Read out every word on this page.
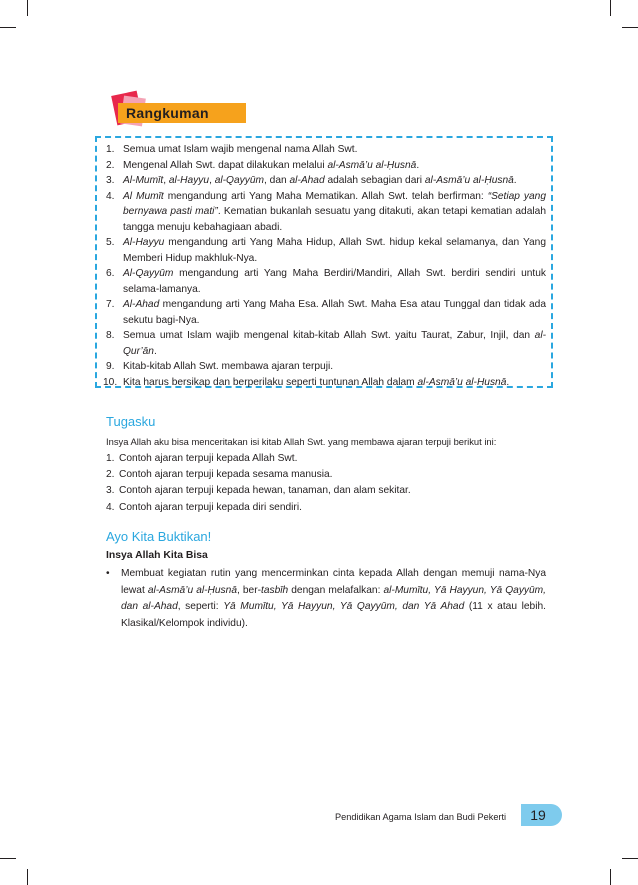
Rangkuman
1. Semua umat Islam wajib mengenal nama Allah Swt.
2. Mengenal Allah Swt. dapat dilakukan melalui al-Asmā’u al-Ḥusnā.
3. Al-Mumīt, al-Hayyu, al-Qayyūm, dan al-Ahad adalah sebagian dari al-Asmā’u al-Ḥusnā.
4. Al Mumīt mengandung arti Yang Maha Mematikan. Allah Swt. telah berfirman: “Setiap yang bernyawa pasti mati”. Kematian bukanlah sesuatu yang ditakuti, akan tetapi kematian adalah tangga menuju kebahagiaan abadi.
5. Al-Hayyu mengandung arti Yang Maha Hidup, Allah Swt. hidup kekal selamanya, dan Yang Memberi Hidup makhluk-Nya.
6. Al-Qayyūm mengandung arti Yang Maha Berdiri/Mandiri, Allah Swt. berdiri sendiri untuk selama-lamanya.
7. Al-Ahad mengandung arti Yang Maha Esa. Allah Swt. Maha Esa atau Tunggal dan tidak ada sekutu bagi-Nya.
8. Semua umat Islam wajib mengenal kitab-kitab Allah Swt. yaitu Taurat, Zabur, Injil, dan al-Qur’ān.
9. Kitab-kitab Allah Swt. membawa ajaran terpuji.
10. Kita harus bersikap dan berperilaku seperti tuntunan Allah dalam al-Asmā’u al-Ḥusnā.
Tugasku
Insya Allah aku bisa menceritakan isi kitab Allah Swt. yang membawa ajaran terpuji berikut ini:
1. Contoh ajaran terpuji kepada Allah Swt.
2. Contoh ajaran terpuji kepada sesama manusia.
3. Contoh ajaran terpuji kepada hewan, tanaman, dan alam sekitar.
4. Contoh ajaran terpuji kepada diri sendiri.
Ayo Kita Buktikan!
Insya Allah Kita Bisa
• Membuat kegiatan rutin yang mencerminkan cinta kepada Allah dengan memuji nama-Nya lewat al-Asmā’u al-Ḥusnā, ber-tasbīh dengan melafalkan: al-Mumītu, Yā Hayyun, Yā Qayyūm, dan al-Ahad, seperti: Yā Mumītu, Yā Hayyun, Yā Qayyūm, dan Yā Ahad (11 x atau lebih. Klasikal/Kelompok individu).
Pendidikan Agama Islam dan Budi Pekerti	19
